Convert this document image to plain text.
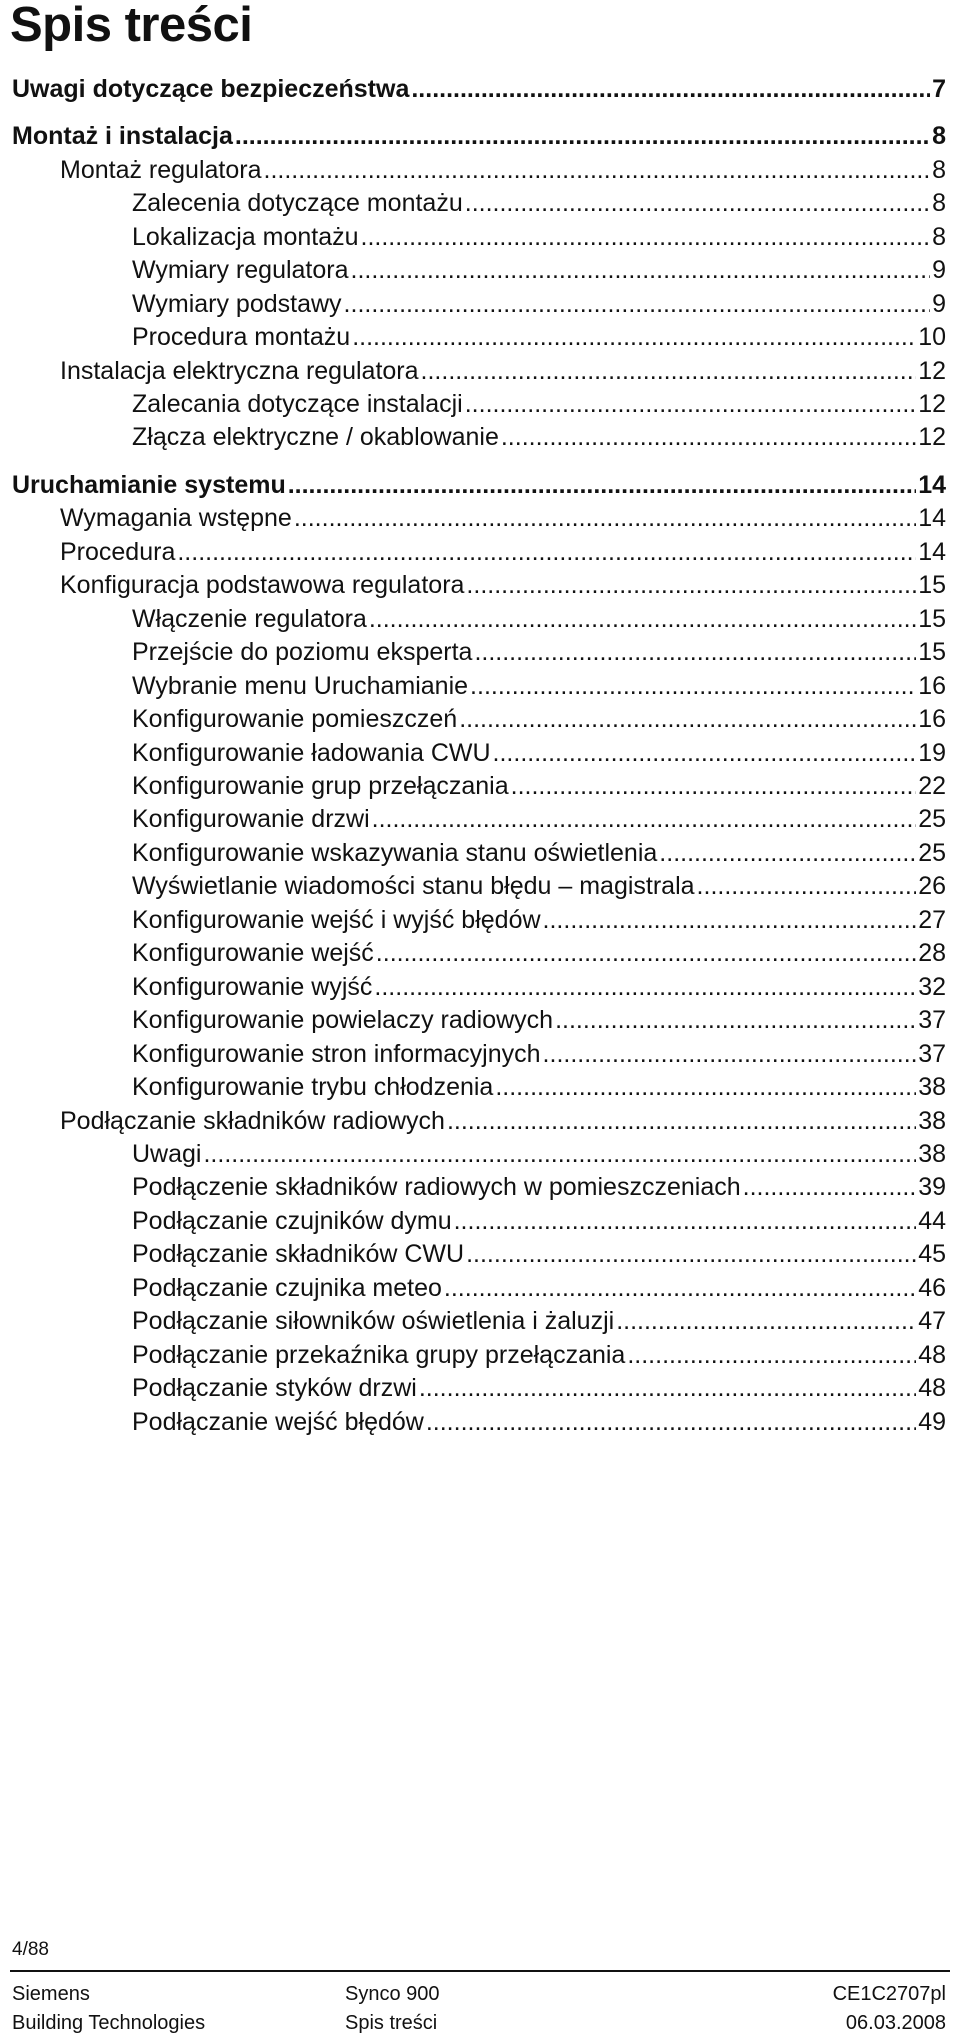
Spis treści
Uwagi dotyczące bezpieczeństwa .....	7
Montaż i instalacja .....	8
Montaż regulatora .....	8
Zalecenia dotyczące montażu .....	8
Lokalizacja montażu .....	8
Wymiary regulatora .....	9
Wymiary podstawy .....	9
Procedura montażu .....	10
Instalacja elektryczna regulatora .....	12
Zalecania dotyczące instalacji .....	12
Złącza elektryczne / okablowanie .....	12
Uruchamianie systemu .....	14
Wymagania wstępne .....	14
Procedura .....	14
Konfiguracja podstawowa regulatora .....	15
Włączenie regulatora .....	15
Przejście do poziomu eksperta .....	15
Wybranie menu Uruchamianie .....	16
Konfigurowanie pomieszczeń .....	16
Konfigurowanie ładowania CWU .....	19
Konfigurowanie grup przełączania .....	22
Konfigurowanie drzwi .....	25
Konfigurowanie wskazywania stanu oświetlenia .....	25
Wyświetlanie wiadomości stanu błędu – magistrala .....	26
Konfigurowanie wejść i wyjść błędów .....	27
Konfigurowanie wejść .....	28
Konfigurowanie wyjść .....	32
Konfigurowanie powielaczy radiowych .....	37
Konfigurowanie stron informacyjnych .....	37
Konfigurowanie trybu chłodzenia .....	38
Podłączanie składników radiowych .....	38
Uwagi .....	38
Podłączenie składników radiowych w pomieszczeniach .....	39
Podłączanie czujników dymu .....	44
Podłączanie składników CWU .....	45
Podłączanie czujnika meteo .....	46
Podłączanie siłowników oświetlenia i żaluzji .....	47
Podłączanie przekaźnika grupy przełączania .....	48
Podłączanie styków drzwi .....	48
Podłączanie wejść błędów .....	49

4/88

Siemens
Building Technologies
Synco 900
Spis treści
CE1C2707pl
06.03.2008
